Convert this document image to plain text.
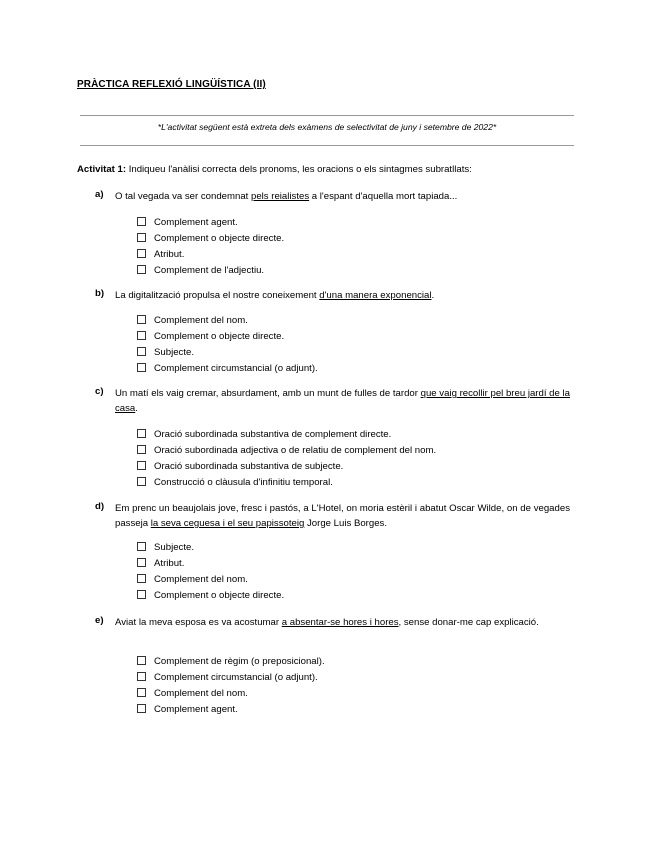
PRÀCTICA REFLEXIÓ LINGÜÍSTICA (II)
*L'activitat següent està extreta dels exàmens de selectivitat de juny i setembre de 2022*
Activitat 1: Indiqueu l'anàlisi correcta dels pronoms, les oracions o els sintagmes subratllats:
a) O tal vegada va ser condemnat pels reialistes a l'espant d'aquella mort tapiada...
Complement agent.
Complement o objecte directe.
Atribut.
Complement de l'adjectiu.
b) La digitalització propulsa el nostre coneixement d'una manera exponencial.
Complement del nom.
Complement o objecte directe.
Subjecte.
Complement circumstancial (o adjunt).
c) Un matí els vaig cremar, absurdament, amb un munt de fulles de tardor que vaig recollir pel breu jardí de la casa.
Oració subordinada substantiva de complement directe.
Oració subordinada adjectiva o de relatiu de complement del nom.
Oració subordinada substantiva de subjecte.
Construcció o clàusula d'infinitiu temporal.
d) Em prenc un beaujolais jove, fresc i pastós, a L'Hotel, on moria estèril i abatut Oscar Wilde, on de vegades passeja la seva ceguesa i el seu papissoteig Jorge Luis Borges.
Subjecte.
Atribut.
Complement del nom.
Complement o objecte directe.
e) Aviat la meva esposa es va acostumar a absentar-se hores i hores, sense donar-me cap explicació.
Complement de règim (o preposicional).
Complement circumstancial (o adjunt).
Complement del nom.
Complement agent.
